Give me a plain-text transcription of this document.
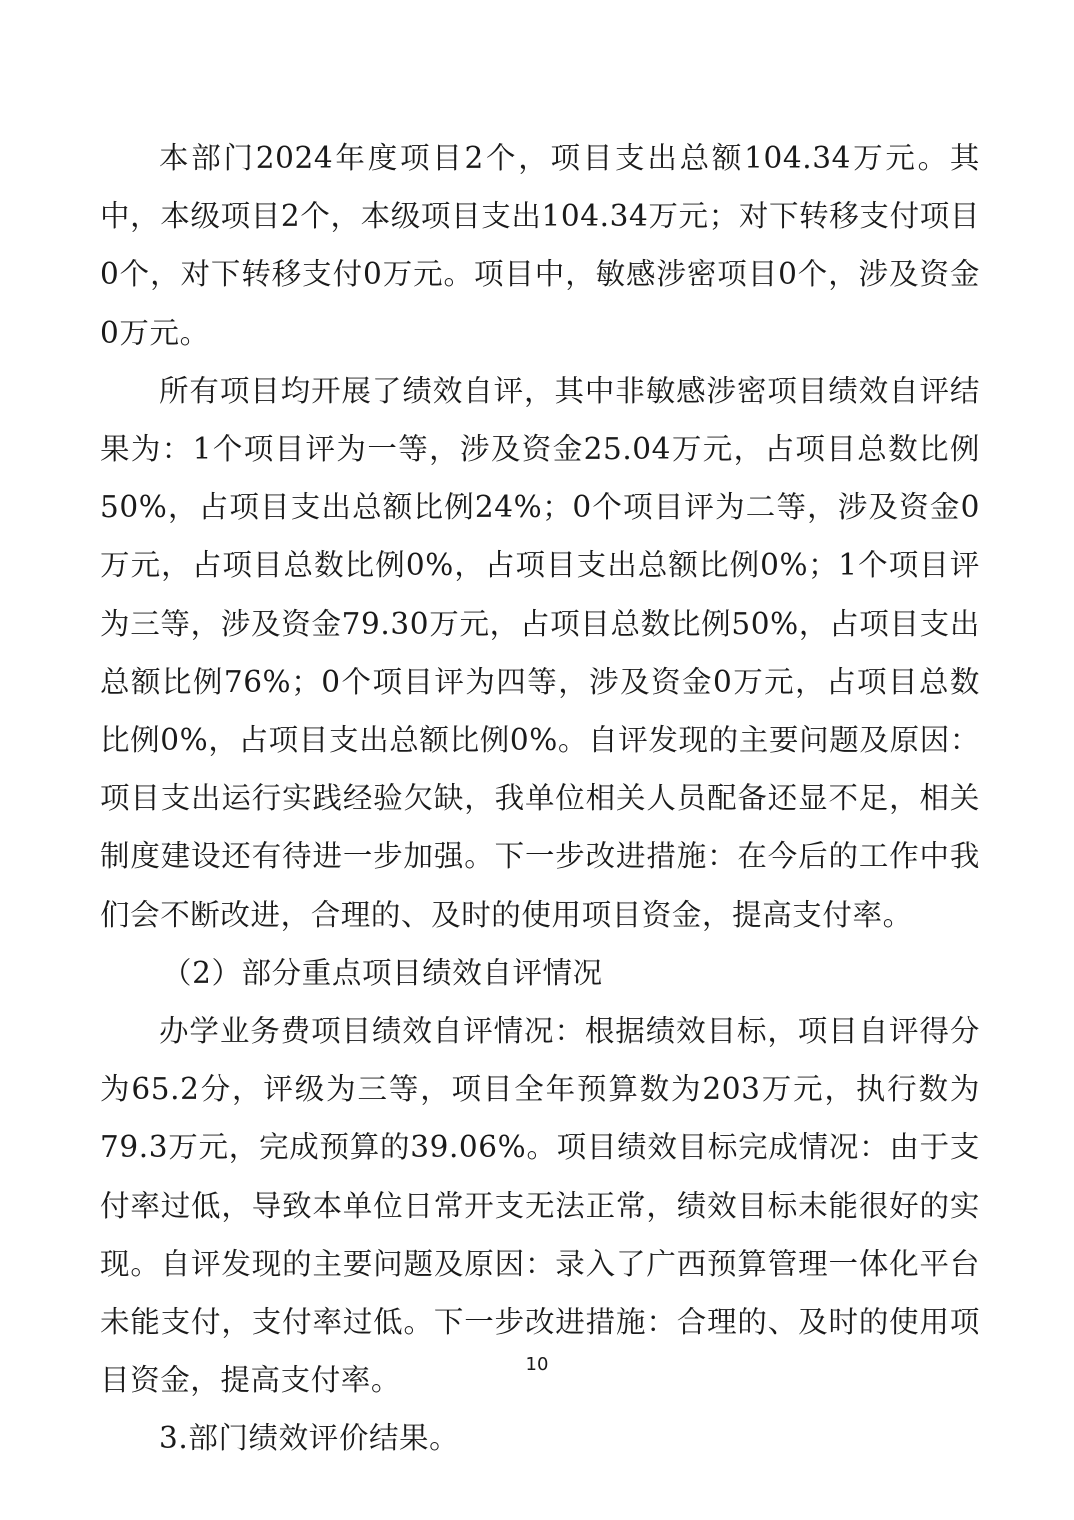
本部门2024年度项目2个，项目支出总额104.34万元。其中，本级项目2个，本级项目支出104.34万元；对下转移支付项目0个，对下转移支付0万元。项目中，敏感涉密项目0个，涉及资金0万元。

所有项目均开展了绩效自评，其中非敏感涉密项目绩效自评结果为：1个项目评为一等，涉及资金25.04万元，占项目总数比例50%，占项目支出总额比例24%；0个项目评为二等，涉及资金0万元，占项目总数比例0%，占项目支出总额比例0%；1个项目评为三等，涉及资金79.30万元，占项目总数比例50%，占项目支出总额比例76%；0个项目评为四等，涉及资金0万元，占项目总数比例0%，占项目支出总额比例0%。自评发现的主要问题及原因：项目支出运行实践经验欠缺，我单位相关人员配备还显不足，相关制度建设还有待进一步加强。下一步改进措施：在今后的工作中我们会不断改进，合理的、及时的使用项目资金，提高支付率。

（2）部分重点项目绩效自评情况

办学业务费项目绩效自评情况：根据绩效目标，项目自评得分为65.2分，评级为三等，项目全年预算数为203万元，执行数为79.3万元，完成预算的39.06%。项目绩效目标完成情况：由于支付率过低，导致本单位日常开支无法正常，绩效目标未能很好的实现。自评发现的主要问题及原因：录入了广西预算管理一体化平台未能支付，支付率过低。下一步改进措施：合理的、及时的使用项目资金，提高支付率。

3.部门绩效评价结果。

10
